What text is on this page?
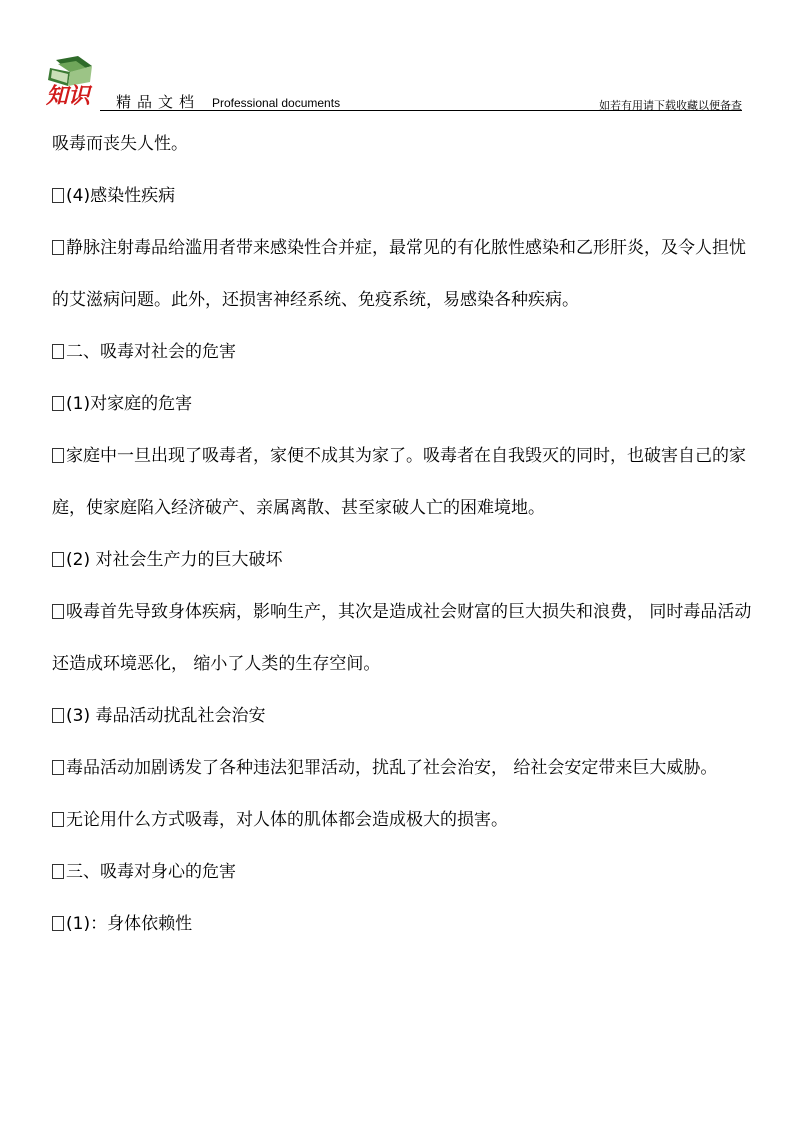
知识 精品文档 Professional documents	如若有用请下载收藏以便备查

吸毒而丧失人性。

(4)感染性疾病

静脉注射毒品给滥用者带来感染性合并症，最常见的有化脓性感染和乙形肝炎，及令人担忧 的艾滋病问题。此外，还损害神经系统、免疫系统，易感染各种疾病。

二、吸毒对社会的危害

(1)对家庭的危害

家庭中一旦出现了吸毒者，家便不成其为家了。吸毒者在自我毁灭的同时，也破害自己的家庭，使家庭陷入经济破产、亲属离散、甚至家破人亡的困难境地。

(2) 对社会生产力的巨大破坏

吸毒首先导致身体疾病，影响生产，其次是造成社会财富的巨大损失和浪费， 同时毒品活动还造成环境恶化， 缩小了人类的生存空间。

(3) 毒品活动扰乱社会治安

毒品活动加剧诱发了各种违法犯罪活动，扰乱了社会治安， 给社会安定带来巨大威胁。

无论用什么方式吸毒，对人体的肌体都会造成极大的损害。

三、吸毒对身心的危害

(1)：身体依赖性
